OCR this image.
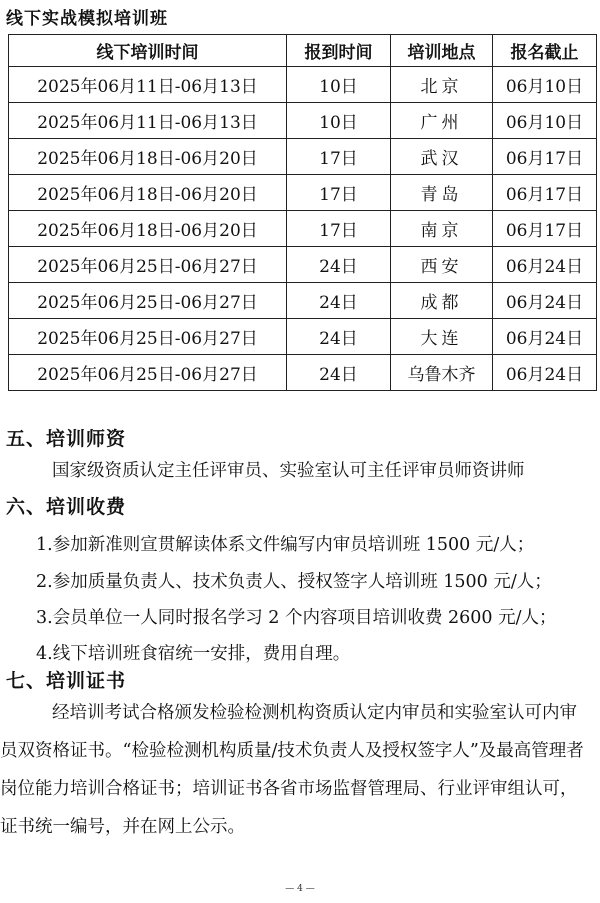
线下实战模拟培训班
线下培训时间	报到时间	培训地点	报名截止
2025年06月11日-06月13日	10日	北京	06月10日
2025年06月11日-06月13日	10日	广州	06月10日
2025年06月18日-06月20日	17日	武汉	06月17日
2025年06月18日-06月20日	17日	青岛	06月17日
2025年06月18日-06月20日	17日	南京	06月17日
2025年06月25日-06月27日	24日	西安	06月24日
2025年06月25日-06月27日	24日	成都	06月24日
2025年06月25日-06月27日	24日	大连	06月24日
2025年06月25日-06月27日	24日	乌鲁木齐	06月24日
五、培训师资
国家级资质认定主任评审员、实验室认可主任评审员师资讲师
六、培训收费
1.参加新准则宣贯解读体系文件编写内审员培训班 1500 元/人；
2.参加质量负责人、技术负责人、授权签字人培训班 1500 元/人；
3.会员单位一人同时报名学习 2 个内容项目培训收费 2600 元/人；
4.线下培训班食宿统一安排，费用自理。
七、培训证书
经培训考试合格颁发检验检测机构资质认定内审员和实验室认可内审员双资格证书。“检验检测机构质量/技术负责人及授权签字人”及最高管理者岗位能力培训合格证书；培训证书各省市场监督管理局、行业评审组认可，证书统一编号，并在网上公示。
— 4 —
